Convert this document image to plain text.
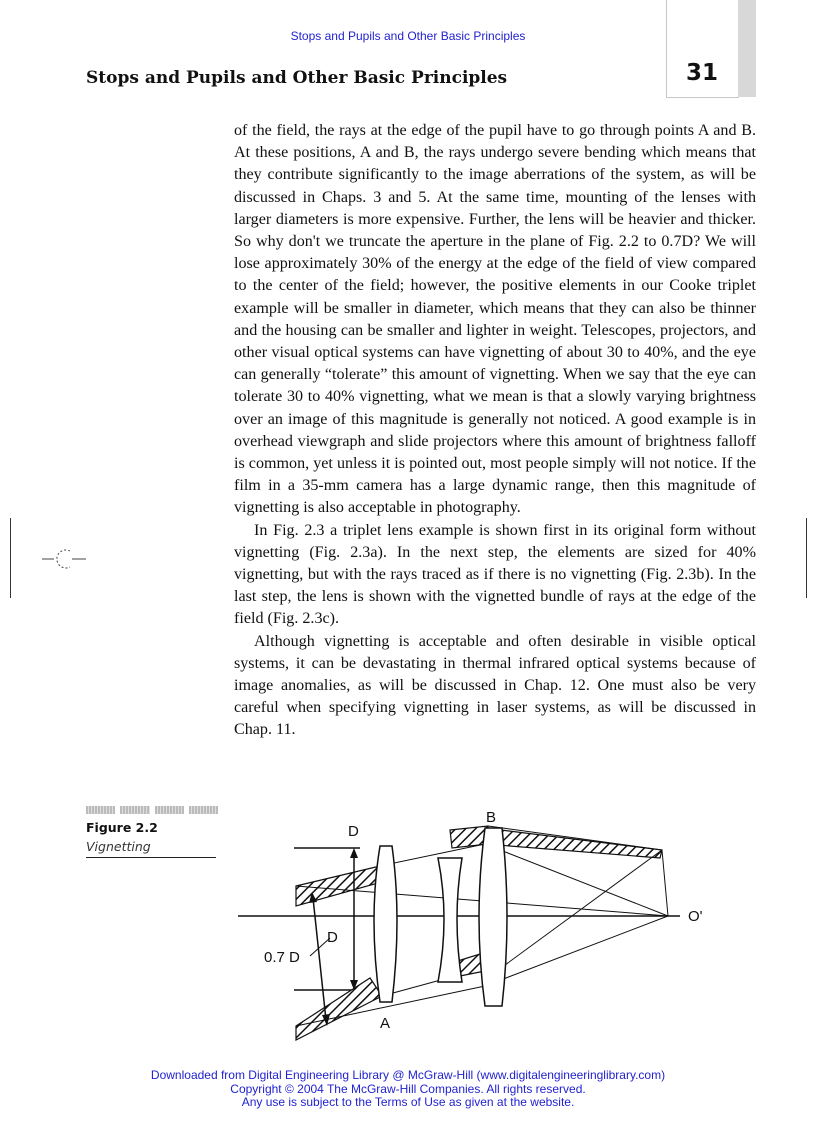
Stops and Pupils and Other Basic Principles
Stops and Pupils and Other Basic Principles	31

of the field, the rays at the edge of the pupil have to go through points A and B. At these positions, A and B, the rays undergo severe bending which means that they contribute significantly to the image aberrations of the system, as will be discussed in Chaps. 3 and 5. At the same time, mounting of the lenses with larger diameters is more expensive. Further, the lens will be heavier and thicker. So why don't we truncate the aperture in the plane of Fig. 2.2 to 0.7D? We will lose approximately 30% of the energy at the edge of the field of view compared to the center of the field; however, the positive elements in our Cooke triplet example will be smaller in diameter, which means that they can also be thinner and the housing can be smaller and lighter in weight. Telescopes, projectors, and other visual optical systems can have vignetting of about 30 to 40%, and the eye can generally “tolerate” this amount of vignetting. When we say that the eye can tolerate 30 to 40% vignetting, what we mean is that a slowly varying brightness over an image of this magnitude is generally not noticed. A good example is in overhead viewgraph and slide projectors where this amount of brightness falloff is common, yet unless it is pointed out, most people simply will not notice. If the film in a 35-mm camera has a large dynamic range, then this magnitude of vignetting is also acceptable in photography.

In Fig. 2.3 a triplet lens example is shown first in its original form without vignetting (Fig. 2.3a). In the next step, the elements are sized for 40% vignetting, but with the rays traced as if there is no vignetting (Fig. 2.3b). In the last step, the lens is shown with the vignetted bundle of rays at the edge of the field (Fig. 2.3c).

Although vignetting is acceptable and often desirable in visible optical systems, it can be devastating in thermal infrared optical systems because of image anomalies, as will be discussed in Chap. 12. One must also be very careful when specifying vignetting in laser systems, as will be discussed in Chap. 11.

Figure 2.2
Vignetting
D
B
O'
D
0.7 D
A
Downloaded from Digital Engineering Library @ McGraw-Hill (www.digitalengineeringlibrary.com)
Copyright © 2004 The McGraw-Hill Companies. All rights reserved.
Any use is subject to the Terms of Use as given at the website.
